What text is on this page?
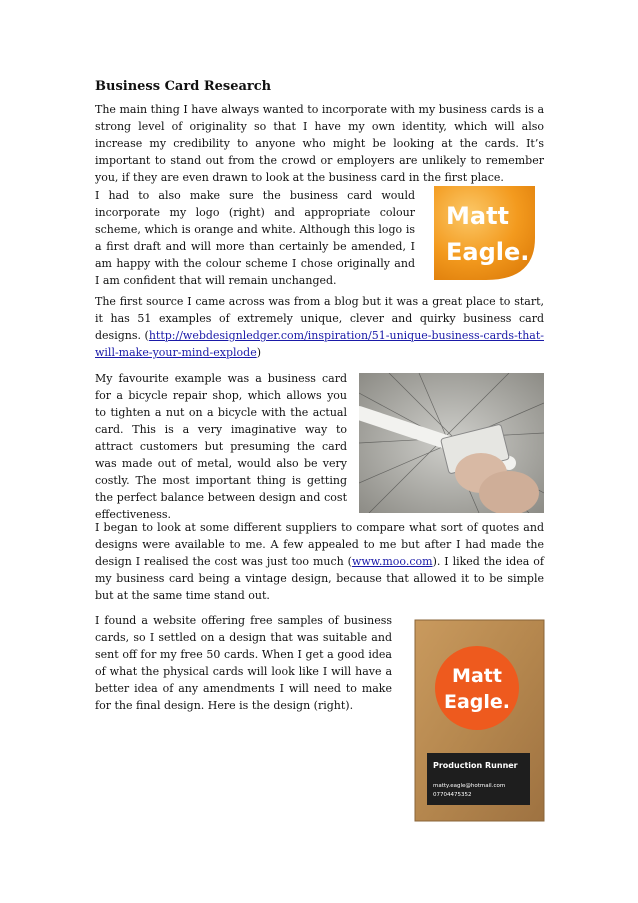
Business Card Research

The main thing I have always wanted to incorporate with my business cards is a strong level of originality so that I have my own identity, which will also increase my credibility to anyone who might be looking at the cards. It’s important to stand out from the crowd or employers are unlikely to remember you, if they are even drawn to look at the business card in the first place.

I had to also make sure the business card would incorporate my logo (right) and appropriate colour scheme, which is orange and white. Although this logo is a first draft and will more than certainly be amended, I am happy with the colour scheme I chose originally and I am confident that will remain unchanged.

Matt
Eagle.

The first source I came across was from a blog but it was a great place to start, it has 51 examples of extremely unique, clever and quirky business card designs. (http://webdesignledger.com/inspiration/51-unique-business-cards-that-will-make-your-mind-explode)

My favourite example was a business card for a bicycle repair shop, which allows you to tighten a nut on a bicycle with the actual card. This is a very imaginative way to attract customers but presuming the card was made out of metal, would also be very costly. The most important thing is getting the perfect balance between design and cost effectiveness.

I began to look at some different suppliers to compare what sort of quotes and designs were available to me. A few appealed to me but after I had made the design I realised the cost was just too much (www.moo.com). I liked the idea of my business card being a vintage design, because that allowed it to be simple but at the same time stand out.

I found a website offering free samples of business cards, so I settled on a design that was suitable and sent off for my free 50 cards. When I get a good idea of what the physical cards will look like I will have a better idea of any amendments I will need to make for the final design. Here is the design (right).

Matt
Eagle.
Production Runner
matty.eagle@hotmail.com
07704475352
